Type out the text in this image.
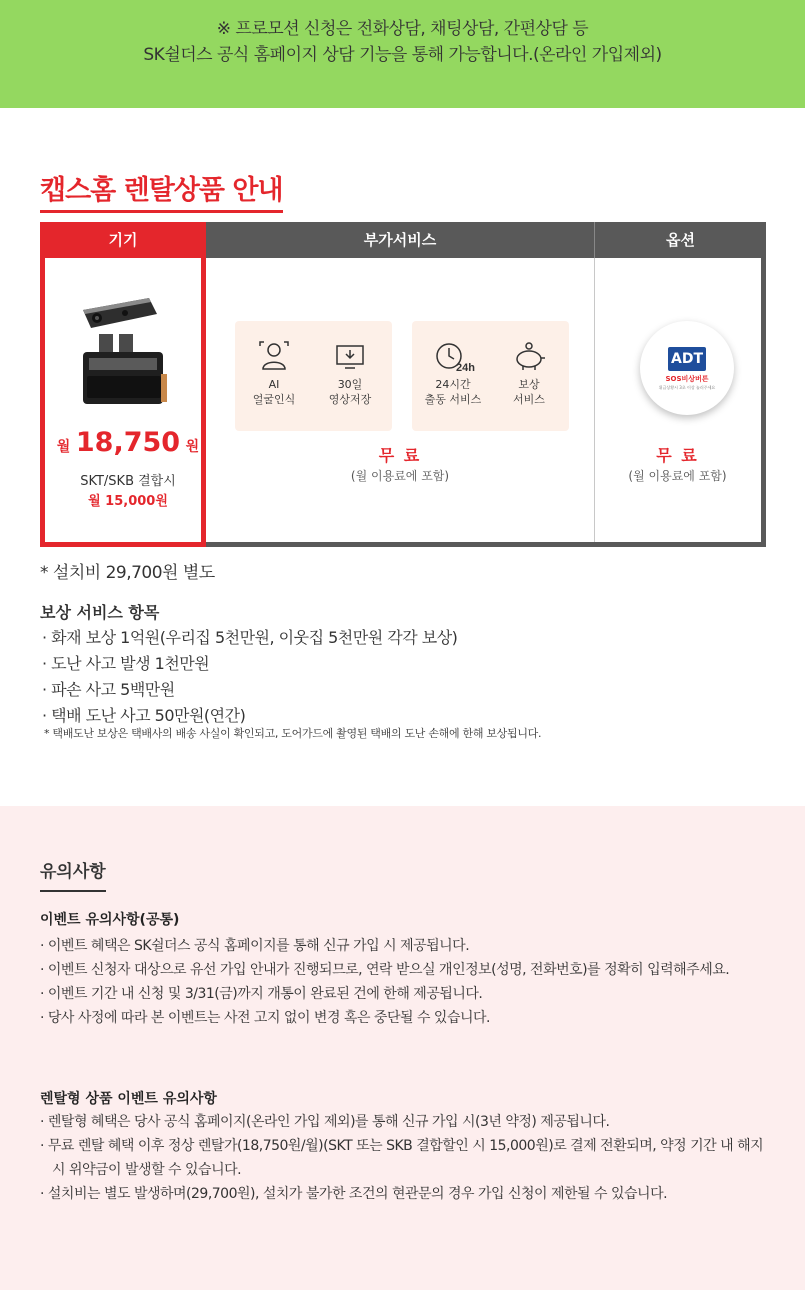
※ 프로모션 신청은 전화상담, 채팅상담, 간편상담 등

SK쉴더스 공식 홈페이지 상담 기능을 통해 가능합니다.(온라인 가입제외)

캡스홈 렌탈상품 안내
기기	부가서비스	옵션
월 18,750 원
SKT/SKB 결합시
월 15,000원
AI
얼굴인식
30일
영상저장
24h
24시간
출동 서비스
보상
서비스
무 료
(월 이용료에 포함)
ADT
SOS비상버튼
위급상황시 3초 이상 눌러주세요
무 료
(월 이용료에 포함)

* 설치비 29,700원 별도

보상 서비스 항목
· 화재 보상 1억원(우리집 5천만원, 이웃집 5천만원 각각 보상)
· 도난 사고 발생 1천만원
· 파손 사고 5백만원
· 택배 도난 사고 50만원(연간)

* 택배도난 보상은 택배사의 배송 사실이 확인되고, 도어가드에 촬영된 택배의 도난 손해에 한해 보상됩니다.

유의사항
이벤트 유의사항(공통)
· 이벤트 혜택은 SK쉴더스 공식 홈페이지를 통해 신규 가입 시 제공됩니다.
· 이벤트 신청자 대상으로 유선 가입 안내가 진행되므로, 연락 받으실 개인정보(성명, 전화번호)를 정확히 입력해주세요.
· 이벤트 기간 내 신청 및 3/31(금)까지 개통이 완료된 건에 한해 제공됩니다.
· 당사 사정에 따라 본 이벤트는 사전 고지 없이 변경 혹은 중단될 수 있습니다.
렌탈형 상품 이벤트 유의사항
· 렌탈형 혜택은 당사 공식 홈페이지(온라인 가입 제외)를 통해 신규 가입 시(3년 약정) 제공됩니다.
· 무료 렌탈 혜택 이후 정상 렌탈가(18,750원/월)(SKT 또는 SKB 결합할인 시 15,000원)로 결제 전환되며, 약정 기간 내 해지 시 위약금이 발생할 수 있습니다.
· 설치비는 별도 발생하며(29,700원), 설치가 불가한 조건의 현관문의 경우 가입 신청이 제한될 수 있습니다.
